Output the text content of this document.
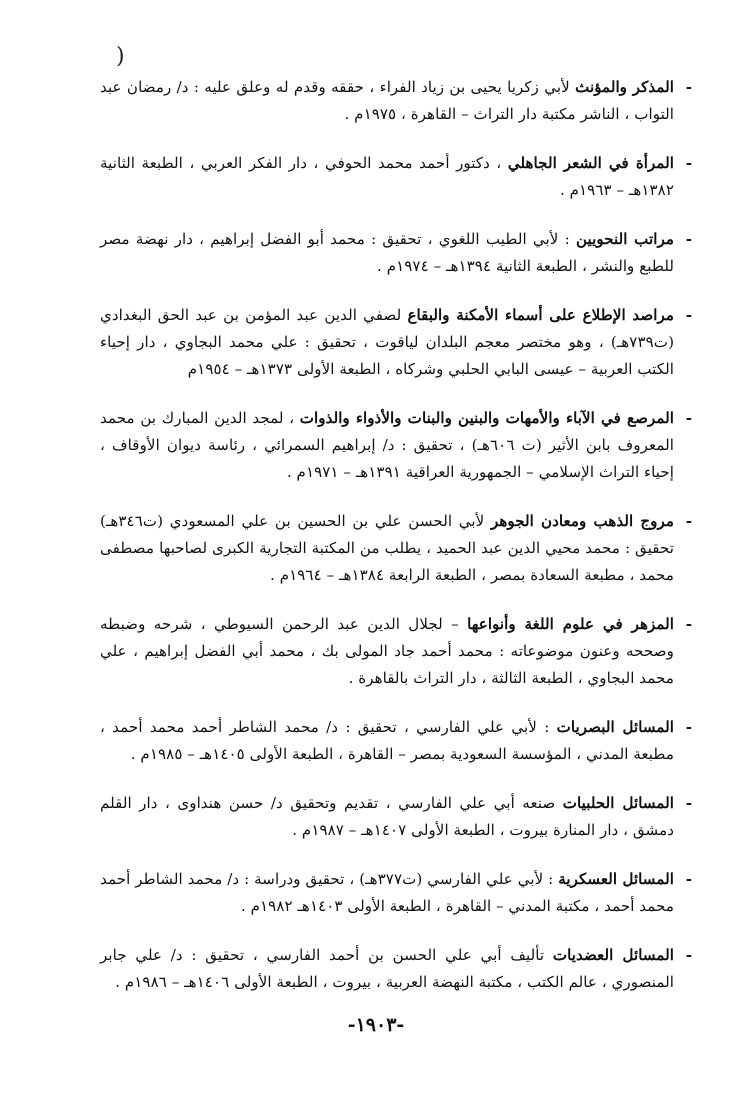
)

-
المذكر والمؤنث لأبي زكريا يحيى بن زياد الفراء ، حققه وقدم له وعلق عليه : د/ رمضان عبد التواب ، الناشر مكتبة دار التراث – القاهرة ، ١٩٧٥م .

-
المرأة في الشعر الجاهلي ، دكتور أحمد محمد الحوفي ، دار الفكر العربي ، الطبعة الثانية ١٣٨٢هـ – ١٩٦٣م .

-
مراتب النحويين : لأبي الطيب اللغوي ، تحقيق : محمد أبو الفضل إبراهيم ، دار نهضة مصر للطبع والنشر ، الطبعة الثانية ١٣٩٤هـ – ١٩٧٤م .

-
مراصد الإطلاع على أسماء الأمكنة والبقاع لصفي الدين عبد المؤمن بن عبد الحق البغدادي (ت٧٣٩هـ) ، وهو مختصر معجم البلدان لياقوت ، تحقيق : علي محمد البجاوي ، دار إحياء الكتب العربية – عيسى البابي الحلبي وشركاه ، الطبعة الأولى ١٣٧٣هـ – ١٩٥٤م

-
المرصع في الآباء والأمهات والبنين والبنات والأذواء والذوات ، لمجد الدين المبارك بن محمد المعروف بابن الأثير (ت ٦٠٦هـ) ، تحقيق : د/ إبراهيم السمرائي ، رئاسة ديوان الأوقاف ، إحياء التراث الإسلامي – الجمهورية العراقية ١٣٩١هـ – ١٩٧١م .

-
مروج الذهب ومعادن الجوهر لأبي الحسن علي بن الحسين بن علي المسعودي (ت٣٤٦هـ) تحقيق : محمد محيي الدين عبد الحميد ، يطلب من المكتبة التجارية الكبرى لصاحبها مصطفى محمد ، مطبعة السعادة بمصر ، الطبعة الرابعة ١٣٨٤هـ – ١٩٦٤م .

-
المزهر في علوم اللغة وأنواعها – لجلال الدين عبد الرحمن السيوطي ، شرحه وضبطه وصححه وعنون موضوعاته : محمد أحمد جاد المولى بك ، محمد أبي الفضل إبراهيم ، علي محمد البجاوي ، الطبعة الثالثة ، دار التراث بالقاهرة .

-
المسائل البصريات : لأبي علي الفارسي ، تحقيق : د/ محمد الشاطر أحمد محمد أحمد ، مطبعة المدني ، المؤسسة السعودية بمصر – القاهرة ، الطبعة الأولى ١٤٠٥هـ – ١٩٨٥م .

-
المسائل الحلبيات صنعه أبي علي الفارسي ، تقديم وتحقيق د/ حسن هنداوى ، دار القلم دمشق ، دار المنارة بيروت ، الطبعة الأولى ١٤٠٧هـ – ١٩٨٧م .

-
المسائل العسكرية : لأبي علي الفارسي (ت٣٧٧هـ) ، تحقيق ودراسة : د/ محمد الشاطر أحمد محمد أحمد ، مكتبة المدني – القاهرة ، الطبعة الأولى ١٤٠٣هـ ١٩٨٢م .

-
المسائل العضديات تأليف أبي علي الحسن بن أحمد الفارسي ، تحقيق : د/ علي جابر المنصوري ، عالم الكتب ، مكتبة النهضة العربية ، بيروت ، الطبعة الأولى ١٤٠٦هـ – ١٩٨٦م .

-١٩٠٣-
